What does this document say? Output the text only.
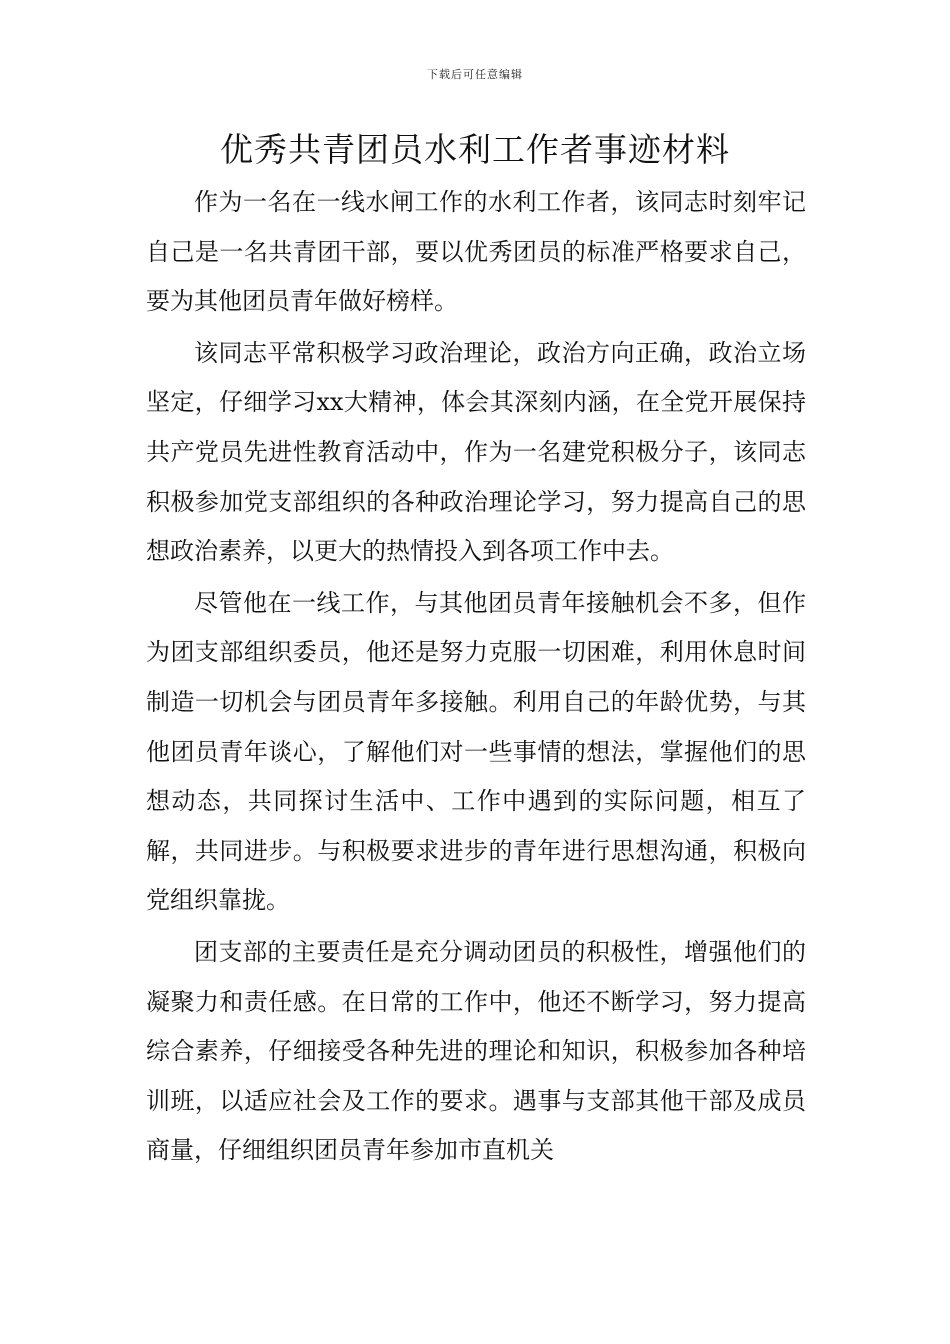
下载后可任意编辑
优秀共青团员水利工作者事迹材料

作为一名在一线水闸工作的水利工作者，该同志时刻牢记自己是一名共青团干部，要以优秀团员的标准严格要求自己，要为其他团员青年做好榜样。

该同志平常积极学习政治理论，政治方向正确，政治立场坚定，仔细学习xx大精神，体会其深刻内涵，在全党开展保持共产党员先进性教育活动中，作为一名建党积极分子，该同志积极参加党支部组织的各种政治理论学习，努力提高自己的思想政治素养，以更大的热情投入到各项工作中去。

尽管他在一线工作，与其他团员青年接触机会不多，但作为团支部组织委员，他还是努力克服一切困难，利用休息时间制造一切机会与团员青年多接触。利用自己的年龄优势，与其他团员青年谈心，了解他们对一些事情的想法，掌握他们的思想动态，共同探讨生活中、工作中遇到的实际问题，相互了解，共同进步。与积极要求进步的青年进行思想沟通，积极向党组织靠拢。

团支部的主要责任是充分调动团员的积极性，增强他们的凝聚力和责任感。在日常的工作中，他还不断学习，努力提高综合素养，仔细接受各种先进的理论和知识，积极参加各种培训班，以适应社会及工作的要求。遇事与支部其他干部及成员商量，仔细组织团员青年参加市直机关
